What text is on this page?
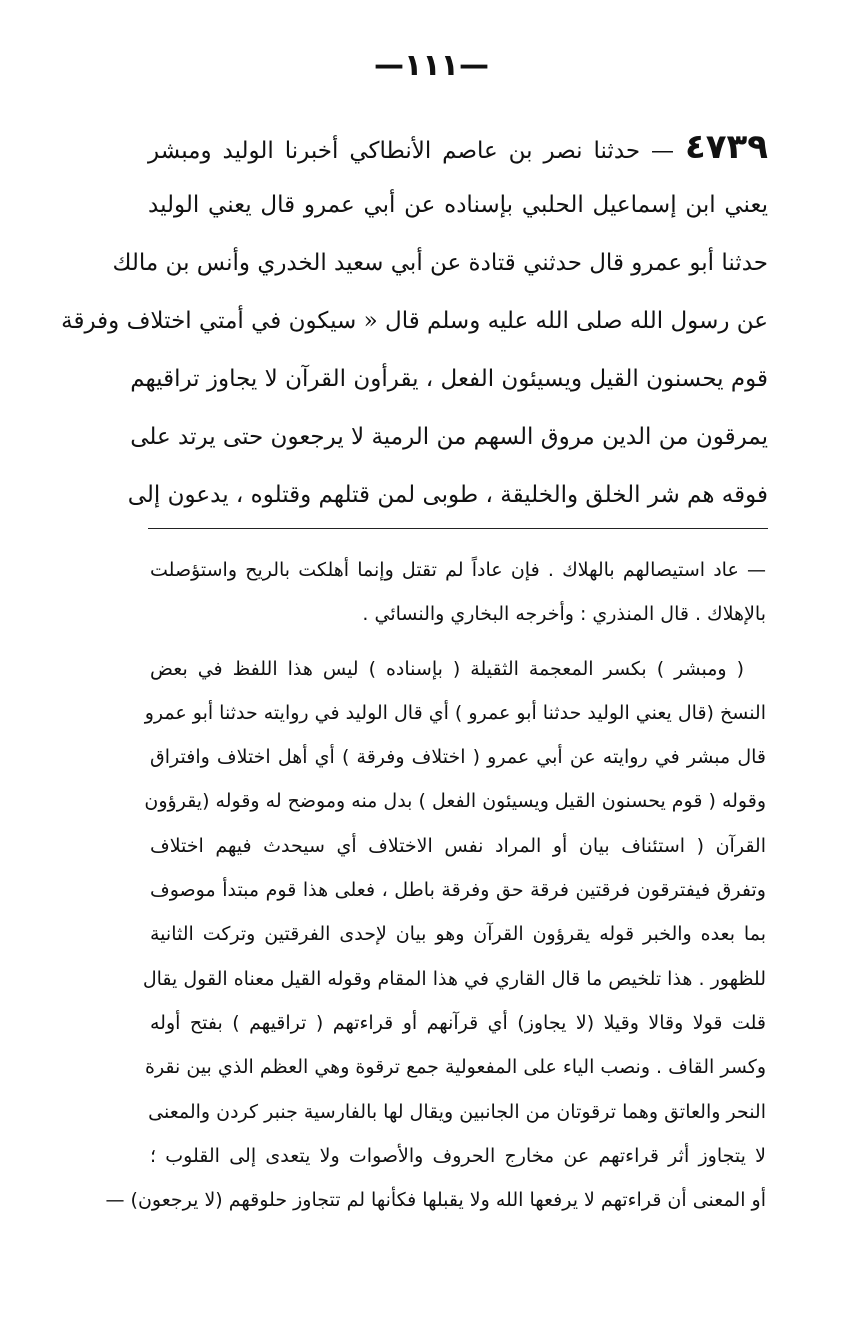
—١١١—
٤٧٣٩ — حدثنا نصر بن عاصم الأنطاكي أخبرنا الوليد ومبشر
يعني ابن إسماعيل الحلبي بإسناده عن أبي عمرو قال يعني الوليد
حدثنا أبو عمرو قال حدثني قتادة عن أبي سعيد الخدري وأنس بن مالك
عن رسول الله صلى الله عليه وسلم قال « سيكون في أمتي اختلاف وفرقة
قوم يحسنون القيل ويسيئون الفعل ، يقرأون القرآن لا يجاوز تراقيهم
يمرقون من الدين مروق السهم من الرمية لا يرجعون حتى يرتد على
فوقه هم شر الخلق والخليقة ، طوبى لمن قتلهم وقتلوه ، يدعون إلى
— عاد استيصالهم بالهلاك . فإن عاداً لم تقتل وإنما أهلكت بالريح واستؤصلت
بالإهلاك . قال المنذري : وأخرجه البخاري والنسائي .
( ومبشر ) بكسر المعجمة الثقيلة ( بإسناده ) ليس هذا اللفظ في بعض
النسخ (قال يعني الوليد حدثنا أبو عمرو ) أي قال الوليد في روايته حدثنا أبو عمرو
قال مبشر في روايته عن أبي عمرو ( اختلاف وفرقة ) أي أهل اختلاف وافتراق
وقوله ( قوم يحسنون القيل ويسيئون الفعل ) بدل منه وموضح له وقوله (يقرؤون
القرآن ( استئناف بيان أو المراد نفس الاختلاف أي سيحدث فيهم اختلاف
وتفرق فيفترقون فرقتين فرقة حق وفرقة باطل ، فعلى هذا قوم مبتدأ موصوف
بما بعده والخبر قوله يقرؤون القرآن وهو بيان لإحدى الفرقتين وتركت الثانية
للظهور . هذا تلخيص ما قال القاري في هذا المقام وقوله القيل معناه القول يقال
قلت قولا وقالا وقيلا (لا يجاوز) أي قرآنهم أو قراءتهم ( تراقيهم ) بفتح أوله
وكسر القاف . ونصب الياء على المفعولية جمع ترقوة وهي العظم الذي بين نقرة
النحر والعاتق وهما ترقوتان من الجانبين ويقال لها بالفارسية جنبر كردن والمعنى
لا يتجاوز أثر قراءتهم عن مخارج الحروف والأصوات ولا يتعدى إلى القلوب ؛
أو المعنى أن قراءتهم لا يرفعها الله ولا يقبلها فكأنها لم تتجاوز حلوقهم (لا يرجعون) —
